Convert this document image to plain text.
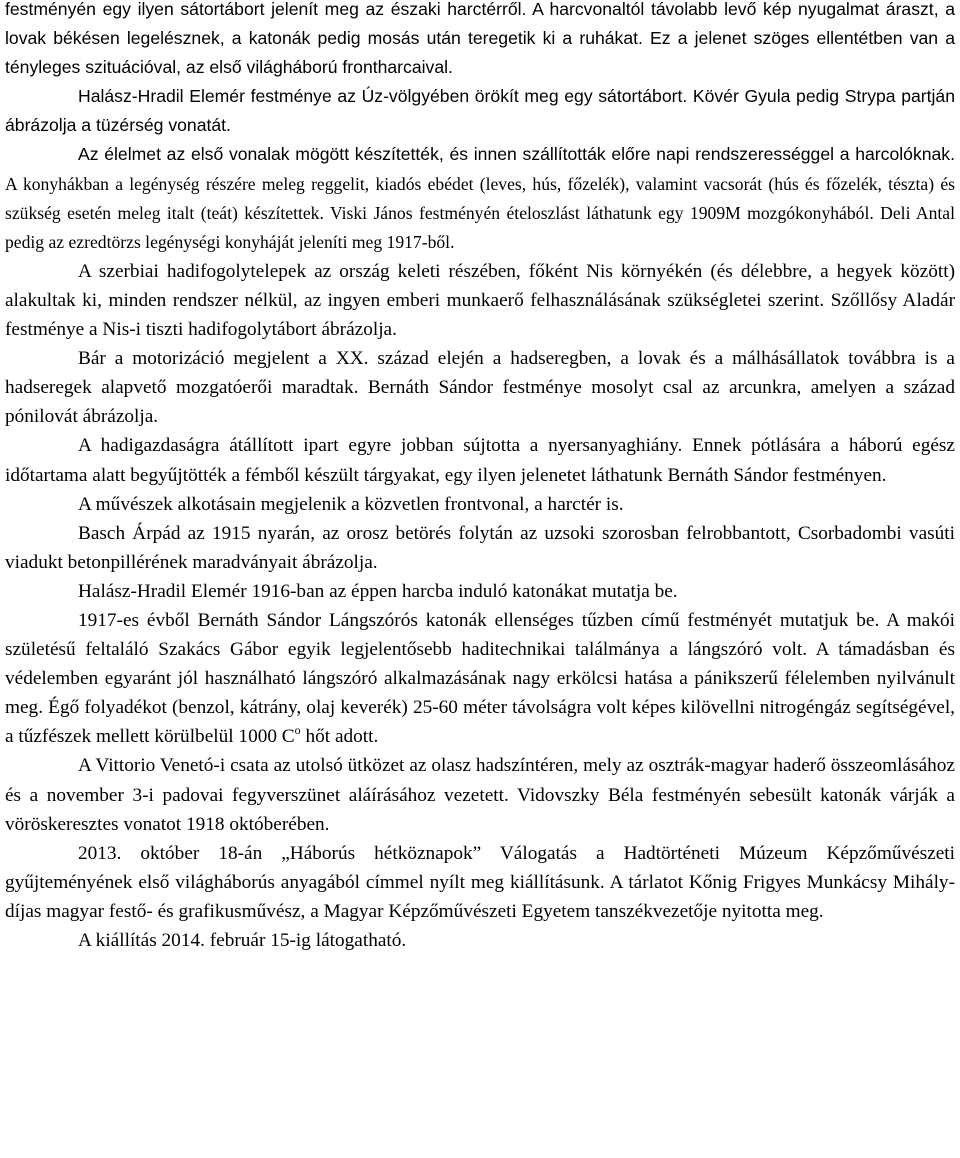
festményén egy ilyen sátortábort jelenít meg az északi harctérről. A harcvonaltól távolabb levő kép nyugalmat áraszt, a lovak békésen legelésznek, a katonák pedig mosás után teregetik ki a ruhákat. Ez a jelenet szöges ellentétben van a tényleges szituációval, az első világháború frontharcaival.

Halász-Hradil Elemér festménye az Úz-völgyében örökít meg egy sátortábort. Kövér Gyula pedig Strypa partján ábrázolja a tüzérség vonatát.

Az élelmet az első vonalak mögött készítették, és innen szállították előre napi rendszerességgel a harcolóknak. A konyhákban a legénység részére meleg reggelit, kiadós ebédet (leves, hús, főzelék), valamint vacsorát (hús és főzelék, tészta) és szükség esetén meleg italt (teát) készítettek. Viski János festményén ételoszlást láthatunk egy 1909M mozgókonyhából. Deli Antal pedig az ezredtörzs legénységi konyháját jeleníti meg 1917-ből.

A szerbiai hadifogolytelepek az ország keleti részében, főként Nis környékén (és délebbre, a hegyek között) alakultak ki, minden rendszer nélkül, az ingyen emberi munkaerő felhasználásának szükségletei szerint. Szőllősy Aladár festménye a Nis-i tiszti hadifogolytábort ábrázolja.

Bár a motorizáció megjelent a XX. század elején a hadseregben, a lovak és a málhásállatok továbbra is a hadseregek alapvető mozgatóerői maradtak. Bernáth Sándor festménye mosolyt csal az arcunkra, amelyen a század pónilovát ábrázolja.

A hadigazdaságra átállított ipart egyre jobban sújtotta a nyersanyaghiány. Ennek pótlására a háború egész időtartama alatt begyűjtötték a fémből készült tárgyakat, egy ilyen jelenetet láthatunk Bernáth Sándor festményen.

A művészek alkotásain megjelenik a közvetlen frontvonal, a harctér is.

Basch Árpád az 1915 nyarán, az orosz betörés folytán az uzsoki szorosban felrobbantott, Csorbadombi vasúti viadukt betonpillérének maradványait ábrázolja.

Halász-Hradil Elemér 1916-ban az éppen harcba induló katonákat mutatja be.

1917-es évből Bernáth Sándor Lángszórós katonák ellenséges tűzben című festményét mutatjuk be. A makói születésű feltaláló Szakács Gábor egyik legjelentősebb haditechnikai találmánya a lángszóró volt. A támadásban és védelemben egyaránt jól használható lángszóró alkalmazásának nagy erkölcsi hatása a pánikszerű félelemben nyilvánult meg. Égő folyadékot (benzol, kátrány, olaj keverék) 25-60 méter távolságra volt képes kilövellni nitrogéngáz segítségével, a tűzfészek mellett körülbelül 1000 $C^o$ hőt adott.

A Vittorio Venetó-i csata az utolsó ütközet az olasz hadszíntéren, mely az osztrák-magyar haderő összeomlásához és a november 3-i padovai fegyverszünet aláírásához vezetett. Vidovszky Béla festményén sebesült katonák várják a vöröskeresztes vonatot 1918 októberében.

2013. október 18-án „Háborús hétköznapok” Válogatás a Hadtörténeti Múzeum Képzőművészeti gyűjteményének első világháborús anyagából címmel nyílt meg kiállításunk. A tárlatot Kőnig Frigyes Munkácsy Mihály-díjas magyar festő- és grafikusművész, a Magyar Képzőművészeti Egyetem tanszékvezetője nyitotta meg.

A kiállítás 2014. február 15-ig látogatható.
